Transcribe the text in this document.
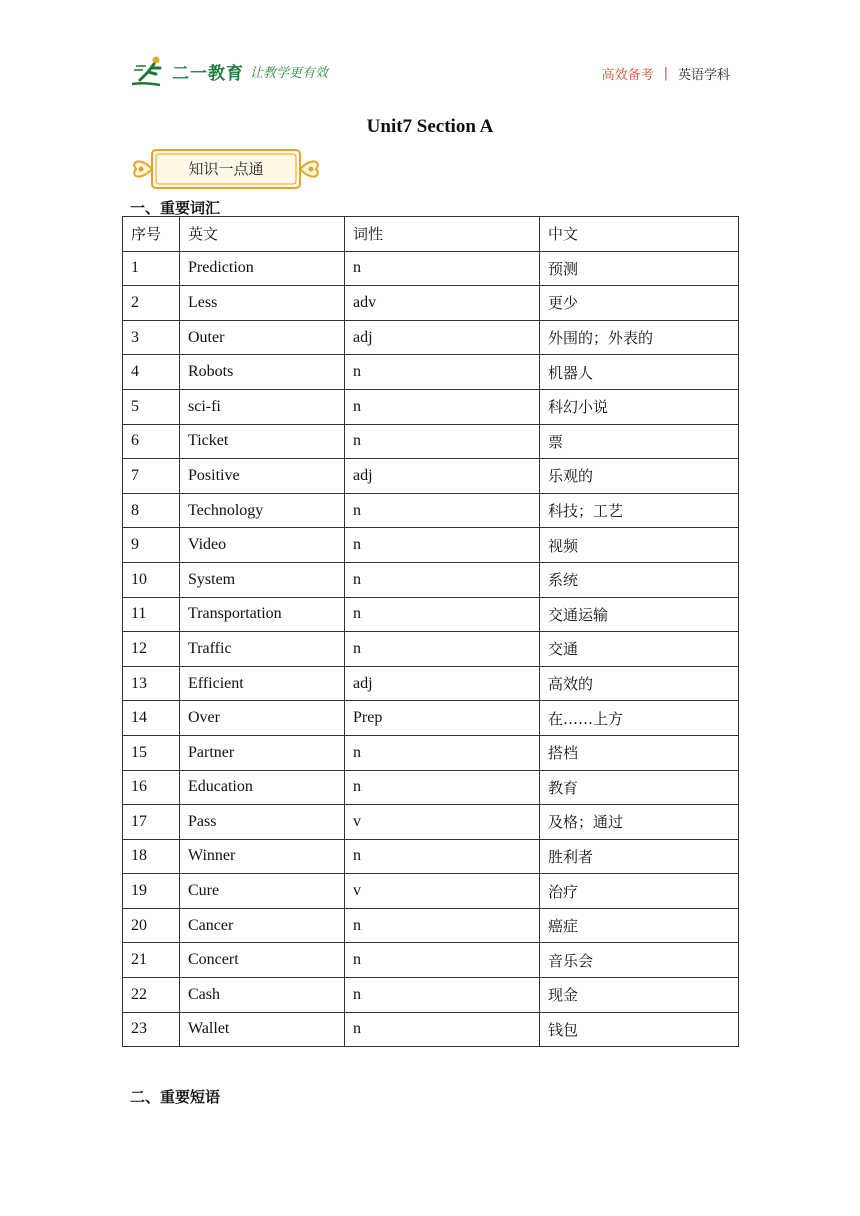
二一教育 让教学更有效	高效备考 | 英语学科
Unit7 Section A
知识一点通
一、重要词汇
序号	英文	词性	中文
1	Prediction	n	预测
2	Less	adv	更少
3	Outer	adj	外围的；外表的
4	Robots	n	机器人
5	sci-fi	n	科幻小说
6	Ticket	n	票
7	Positive	adj	乐观的
8	Technology	n	科技；工艺
9	Video	n	视频
10	System	n	系统
11	Transportation	n	交通运输
12	Traffic	n	交通
13	Efficient	adj	高效的
14	Over	Prep	在……上方
15	Partner	n	搭档
16	Education	n	教育
17	Pass	v	及格；通过
18	Winner	n	胜利者
19	Cure	v	治疗
20	Cancer	n	癌症
21	Concert	n	音乐会
22	Cash	n	现金
23	Wallet	n	钱包
二、重要短语
